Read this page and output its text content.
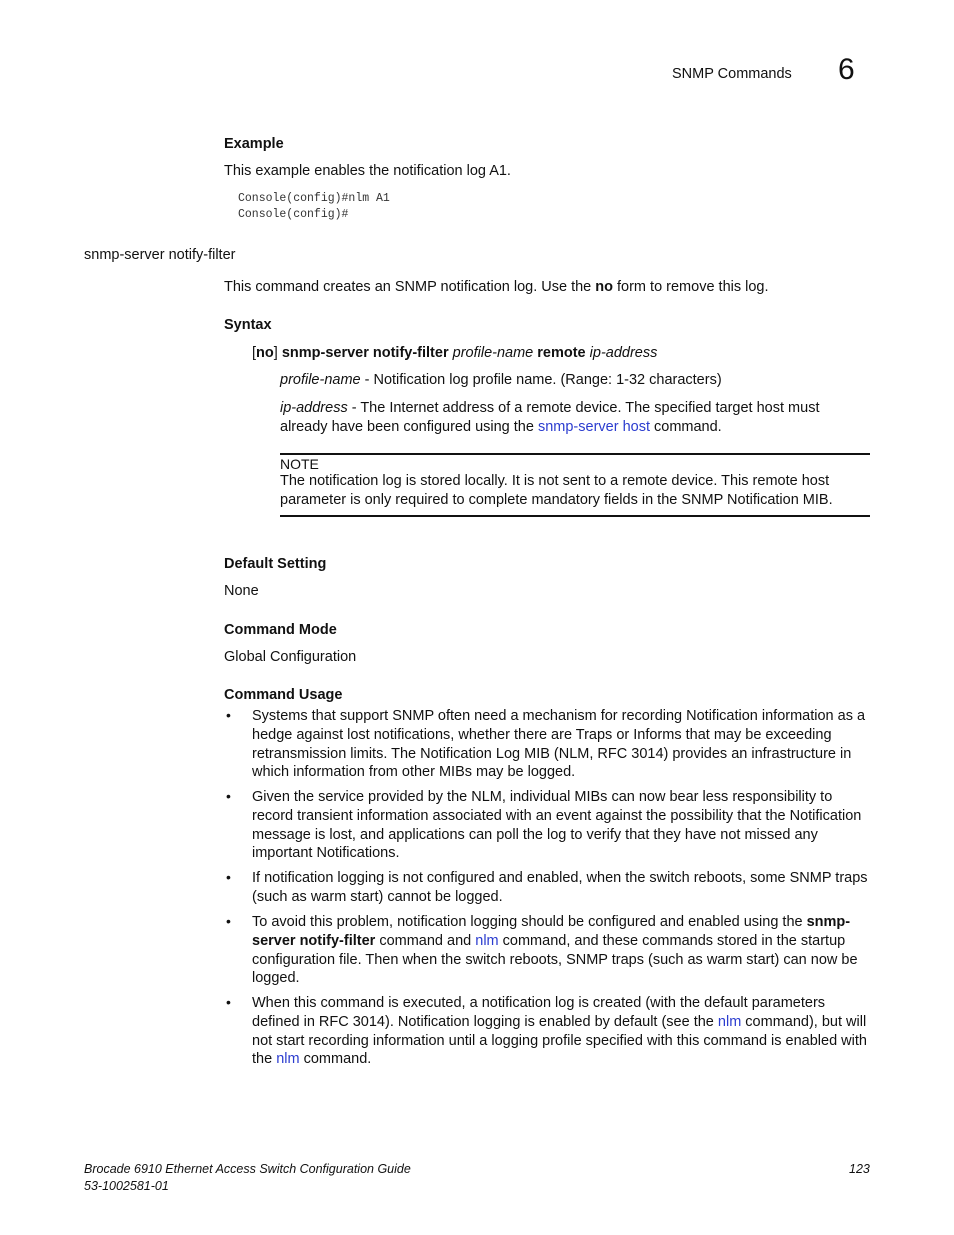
SNMP Commands 6
Example
This example enables the notification log A1.
Console(config)#nlm A1
Console(config)#
snmp-server notify-filter
This command creates an SNMP notification log. Use the no form to remove this log.
Syntax
[no] snmp-server notify-filter profile-name remote ip-address
profile-name - Notification log profile name. (Range: 1-32 characters)
ip-address - The Internet address of a remote device. The specified target host must already have been configured using the snmp-server host command.
NOTE
The notification log is stored locally. It is not sent to a remote device. This remote host parameter is only required to complete mandatory fields in the SNMP Notification MIB.
Default Setting
None
Command Mode
Global Configuration
Command Usage
• Systems that support SNMP often need a mechanism for recording Notification information as a hedge against lost notifications, whether there are Traps or Informs that may be exceeding retransmission limits. The Notification Log MIB (NLM, RFC 3014) provides an infrastructure in which information from other MIBs may be logged.
• Given the service provided by the NLM, individual MIBs can now bear less responsibility to record transient information associated with an event against the possibility that the Notification message is lost, and applications can poll the log to verify that they have not missed any important Notifications.
• If notification logging is not configured and enabled, when the switch reboots, some SNMP traps (such as warm start) cannot be logged.
• To avoid this problem, notification logging should be configured and enabled using the snmp-server notify-filter command and nlm command, and these commands stored in the startup configuration file. Then when the switch reboots, SNMP traps (such as warm start) can now be logged.
• When this command is executed, a notification log is created (with the default parameters defined in RFC 3014). Notification logging is enabled by default (see the nlm command), but will not start recording information until a logging profile specified with this command is enabled with the nlm command.
Brocade 6910 Ethernet Access Switch Configuration Guide
53-1002581-01
123
